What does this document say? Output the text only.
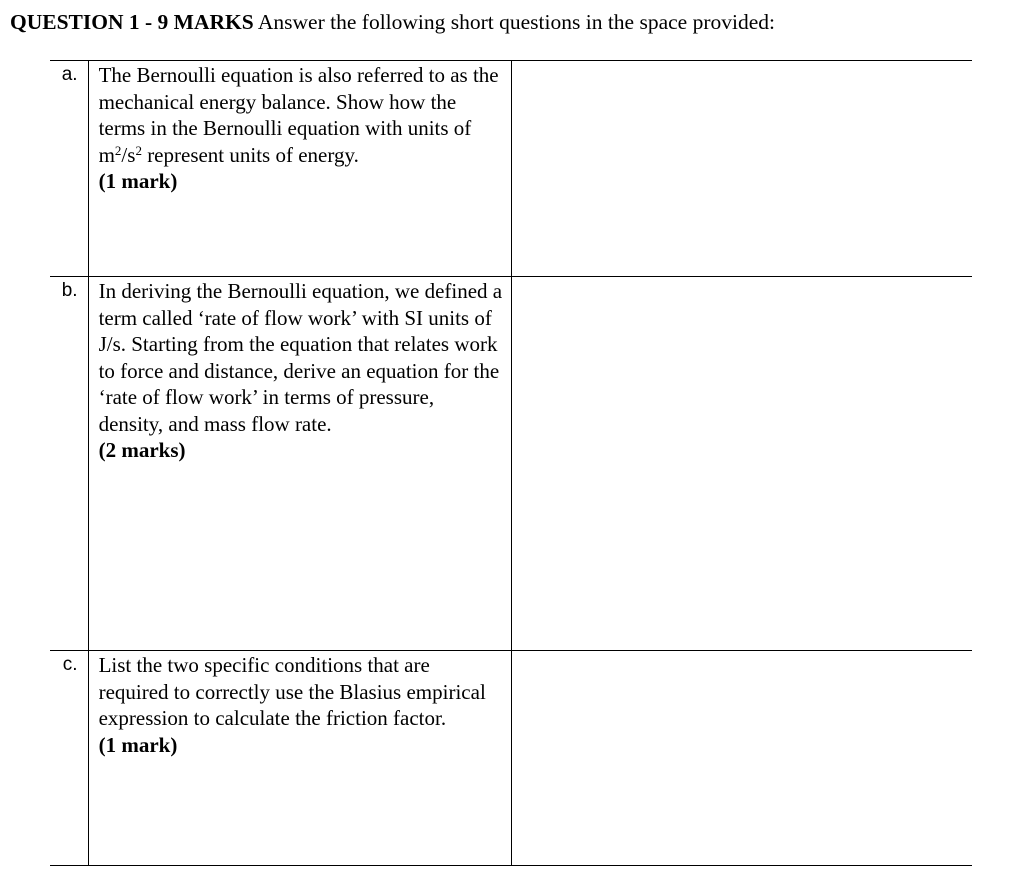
QUESTION 1 - 9 MARKS Answer the following short questions in the space provided:
a.	The Bernoulli equation is also referred to as the mechanical energy balance. Show how the terms in the Bernoulli equation with units of $m^2/s^2$ represent units of energy.
(1 mark)	

b.	In deriving the Bernoulli equation, we defined a term called ‘rate of flow work’ with SI units of J/s. Starting from the equation that relates work to force and distance, derive an equation for the ‘rate of flow work’ in terms of pressure, density, and mass flow rate.
(2 marks)	

c.	List the two specific conditions that are required to correctly use the Blasius empirical expression to calculate the friction factor.
(1 mark)	
